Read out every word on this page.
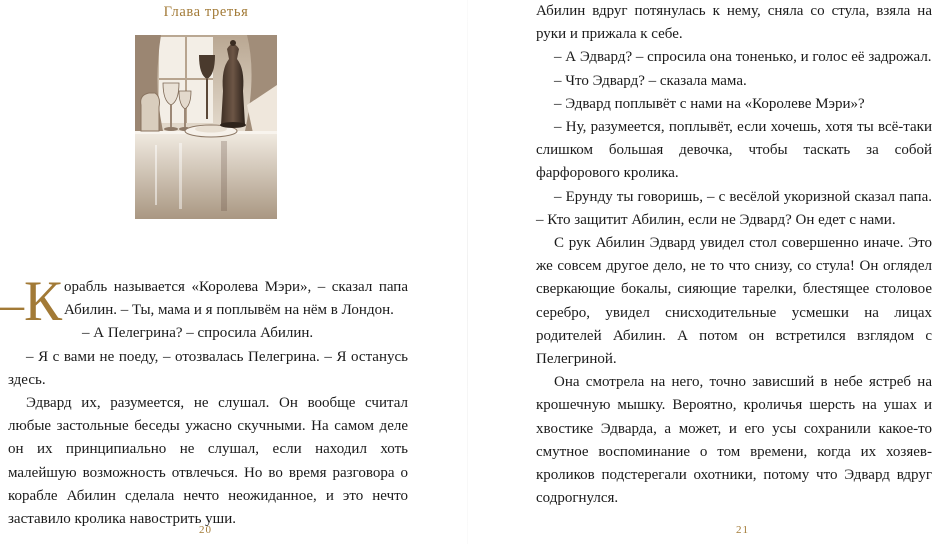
Глава третья

–К орабль называется «Королева Мэри», – сказал папа Абилин. – Ты, мама и я поплывём на нём в Лондон.

– А Пелегрина? – спросила Абилин.

– Я с вами не поеду, – отозвалась Пелегрина. – Я останусь здесь.

Эдвард их, разумеется, не слушал. Он вообще считал любые застольные беседы ужасно скучными. На самом деле он их принципиально не слушал, если находил хоть малейшую возможность отвлечься. Но во время разговора о корабле Абилин сделала нечто неожиданное, и это нечто заставило кролика навострить уши.

20

Абилин вдруг потянулась к нему, сняла со стула, взяла на руки и прижала к себе.

– А Эдвард? – спросила она тоненько, и голос её задрожал.

– Что Эдвард? – сказала мама.

– Эдвард поплывёт с нами на «Королеве Мэри»?

– Ну, разумеется, поплывёт, если хочешь, хотя ты всё-таки слишком большая девочка, чтобы таскать за собой фарфорового кролика.

– Ерунду ты говоришь, – с весёлой укоризной сказал папа. – Кто защитит Абилин, если не Эдвард? Он едет с нами.

С рук Абилин Эдвард увидел стол совершенно иначе. Это же совсем другое дело, не то что снизу, со стула! Он оглядел сверкающие бокалы, сияющие тарелки, блестящее столовое серебро, увидел снисходительные усмешки на лицах родителей Абилин. А потом он встретился взглядом с Пелегриной.

Она смотрела на него, точно зависший в небе ястреб на крошечную мышку. Вероятно, кроличья шерсть на ушах и хвостике Эдварда, а может, и его усы сохранили какое-то смутное воспоминание о том времени, когда их хозяев-кроликов подстерегали охотники, потому что Эдвард вдруг содрогнулся.

21
